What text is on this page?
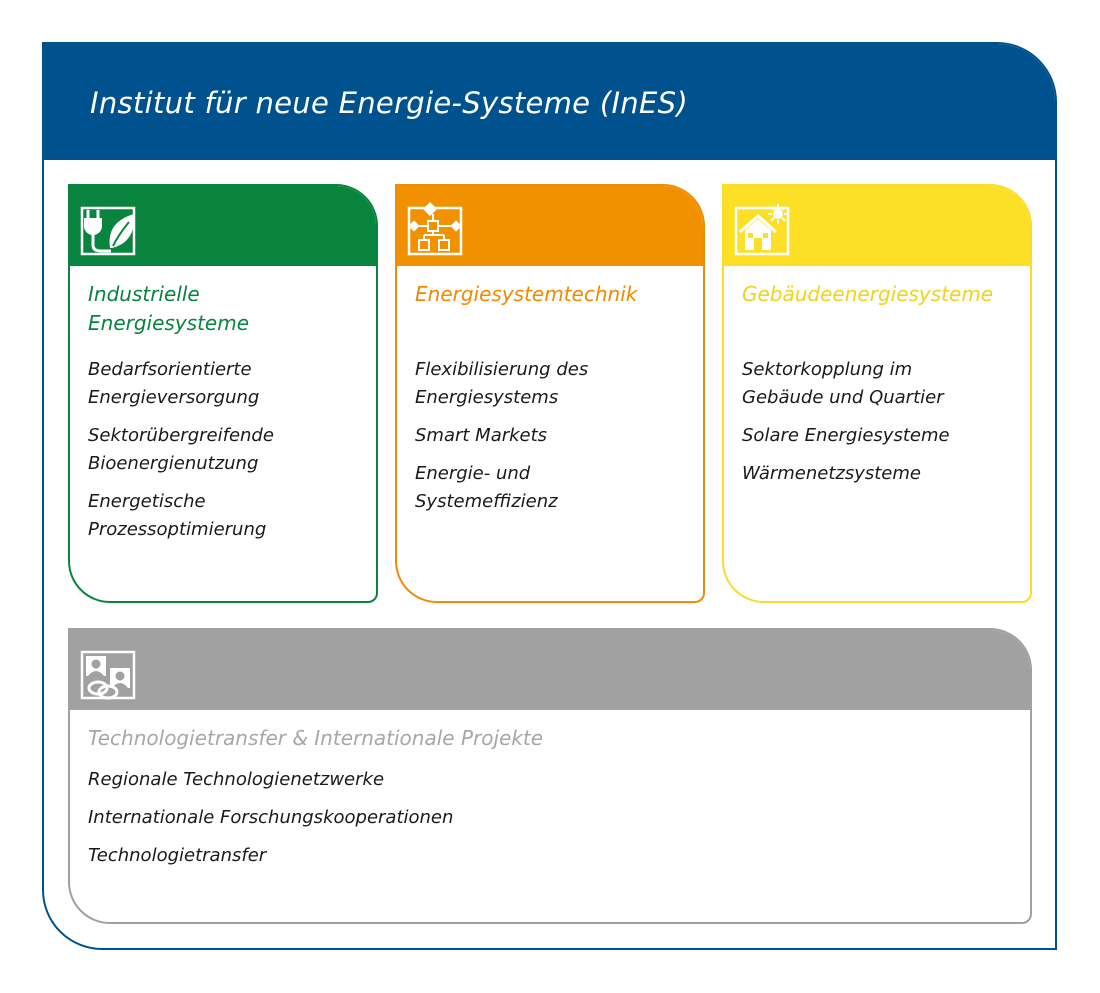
Institut für neue Energie-Systeme (InES)
Industrielle
Energiesysteme
Bedarfsorientierte
Energieversorgung
Sektorübergreifende
Bioenergienutzung
Energetische
Prozessoptimierung
Energiesystemtechnik
Flexibilisierung des
Energiesystems
Smart Markets
Energie- und
Systemeffizienz
Gebäudeenergiesysteme
Sektorkopplung im
Gebäude und Quartier
Solare Energiesysteme
Wärmenetzsysteme
Technologietransfer & Internationale Projekte
Regionale Technologienetzwerke
Internationale Forschungskooperationen
Technologietransfer
